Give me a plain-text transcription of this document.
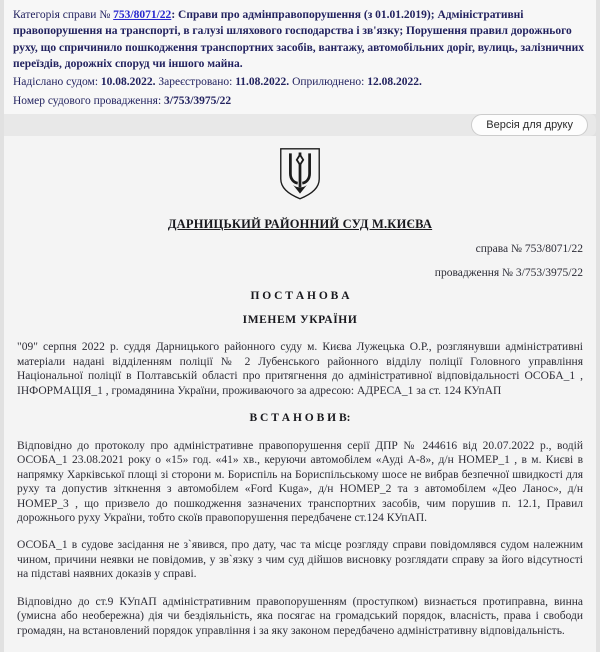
Категорія справи № 753/8071/22: Справи про адмінправопорушення (з 01.01.2019); Адміністративні правопорушення на транспорті, в галузі шляхового господарства і зв'язку; Порушення правил дорожнього руху, що спричинило пошкодження транспортних засобів, вантажу, автомобільних доріг, вулиць, залізничних переїздів, дорожніх споруд чи іншого майна.

Надіслано судом: 10.08.2022. Зареєстровано: 11.08.2022. Оприлюднено: 12.08.2022.

Номер судового провадження: 3/753/3975/22

Версія для друку
ДАРНИЦЬКИЙ РАЙОННИЙ СУД М.КИЄВА

справа № 753/8071/22

провадження № 3/753/3975/22

П О С Т А Н О В А

ІМЕНЕМ УКРАЇНИ

"09" серпня 2022 р. суддя Дарницького районного суду м. Києва Лужецька О.Р., розглянувши адміністративні матеріали надані відділенням поліції № 2 Лубенського районного відділу поліції Головного управління Національної поліції в Полтавській області про притягнення до адміністративної відповідальності ОСОБА_1 , ІНФОРМАЦІЯ_1 , громадянина України, проживаючого за адресою: АДРЕСА_1 за ст. 124 КУпАП

В С Т А Н О В И В:

Відповідно до протоколу про адміністративне правопорушення серії ДПР № 244616 від 20.07.2022 р., водій ОСОБА_1 23.08.2021 року о «15» год. «41» хв., керуючи автомобілем «Ауді А-8», д/н НОМЕР_1 , в м. Києві в напрямку Харківської площі зі сторони м. Бориспіль на Бориспільському шосе не вибрав безпечної швидкості для руху та допустив зіткнення з автомобілем «Ford Kuga», д/н НОМЕР_2 та з автомобілем «Део Ланос», д/н НОМЕР_3 , що призвело до пошкодження зазначених транспортних засобів, чим порушив п. 12.1, Правил дорожнього руху України, тобто скоїв правопорушення передбачене ст.124 КУпАП.

ОСОБА_1 в судове засідання не з`явився, про дату, час та місце розгляду справи повідомлявся судом належним чином, причини неявки не повідомив, у зв`язку з чим суд дійшов висновку розглядати справу за його відсутності на підставі наявних доказів у справі.

Відповідно до ст.9 КУпАП адміністративним правопорушенням (проступком) визнається протиправна, винна (умисна або необережна) дія чи бездіяльність, яка посягає на громадський порядок, власність, права і свободи громадян, на встановлений порядок управління і за яку законом передбачено адміністративну відповідальність.
